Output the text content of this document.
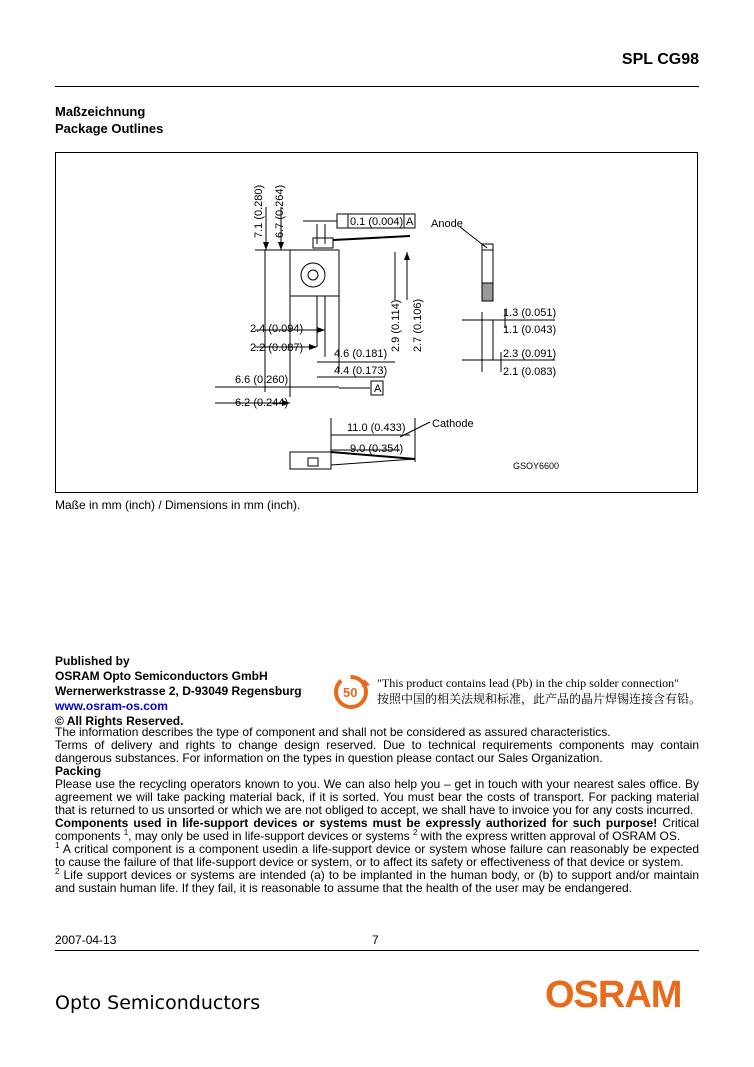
SPL CG98
Maßzeichnung
Package Outlines
7.1 (0.280) 6.7 (0.264)	0.1 (0.004) A Anode
2.4 (0.094)
2.2 (0.087)	4.6 (0.181)
4.4 (0.173)
2.9 (0.114) 2.7 (0.106)
6.6 (0.260)
6.2 (0.244)
A
1.3 (0.051)
1.1 (0.043)
2.3 (0.091)
2.1 (0.083)
11.0 (0.433)
9.0 (0.354)
Cathode
GSOY6600
Maße in mm (inch) / Dimensions in mm (inch).
Published by
OSRAM Opto Semiconductors GmbH
Wernerwerkstrasse 2, D-93049 Regensburg
www.osram-os.com
© All Rights Reserved.
50
"This product contains lead (Pb) in the chip solder connection"
按照中国的相关法规和标准，此产品的晶片焊锡连接含有铅。

The information describes the type of component and shall not be considered as assured characteristics.

Terms of delivery and rights to change design reserved. Due to technical requirements components may contain dangerous substances. For information on the types in question please contact our Sales Organization.

Packing

Please use the recycling operators known to you. We can also help you – get in touch with your nearest sales office. By agreement we will take packing material back, if it is sorted. You must bear the costs of transport. For packing material that is returned to us unsorted or which we are not obliged to accept, we shall have to invoice you for any costs incurred.

Components used in life-support devices or systems must be expressly authorized for such purpose! Critical components $^1$, may only be used in life-support devices or systems $^2$ with the express written approval of OSRAM OS.

$^1$ A critical component is a component usedin a life-support device or system whose failure can reasonably be expected to cause the failure of that life-support device or system, or to affect its safety or effectiveness of that device or system.

$^2$ Life support devices or systems are intended (a) to be implanted in the human body, or (b) to support and/or maintain and sustain human life. If they fail, it is reasonable to assume that the health of the user may be endangered.

2007-04-13	7
Opto Semiconductors	OSRAM
